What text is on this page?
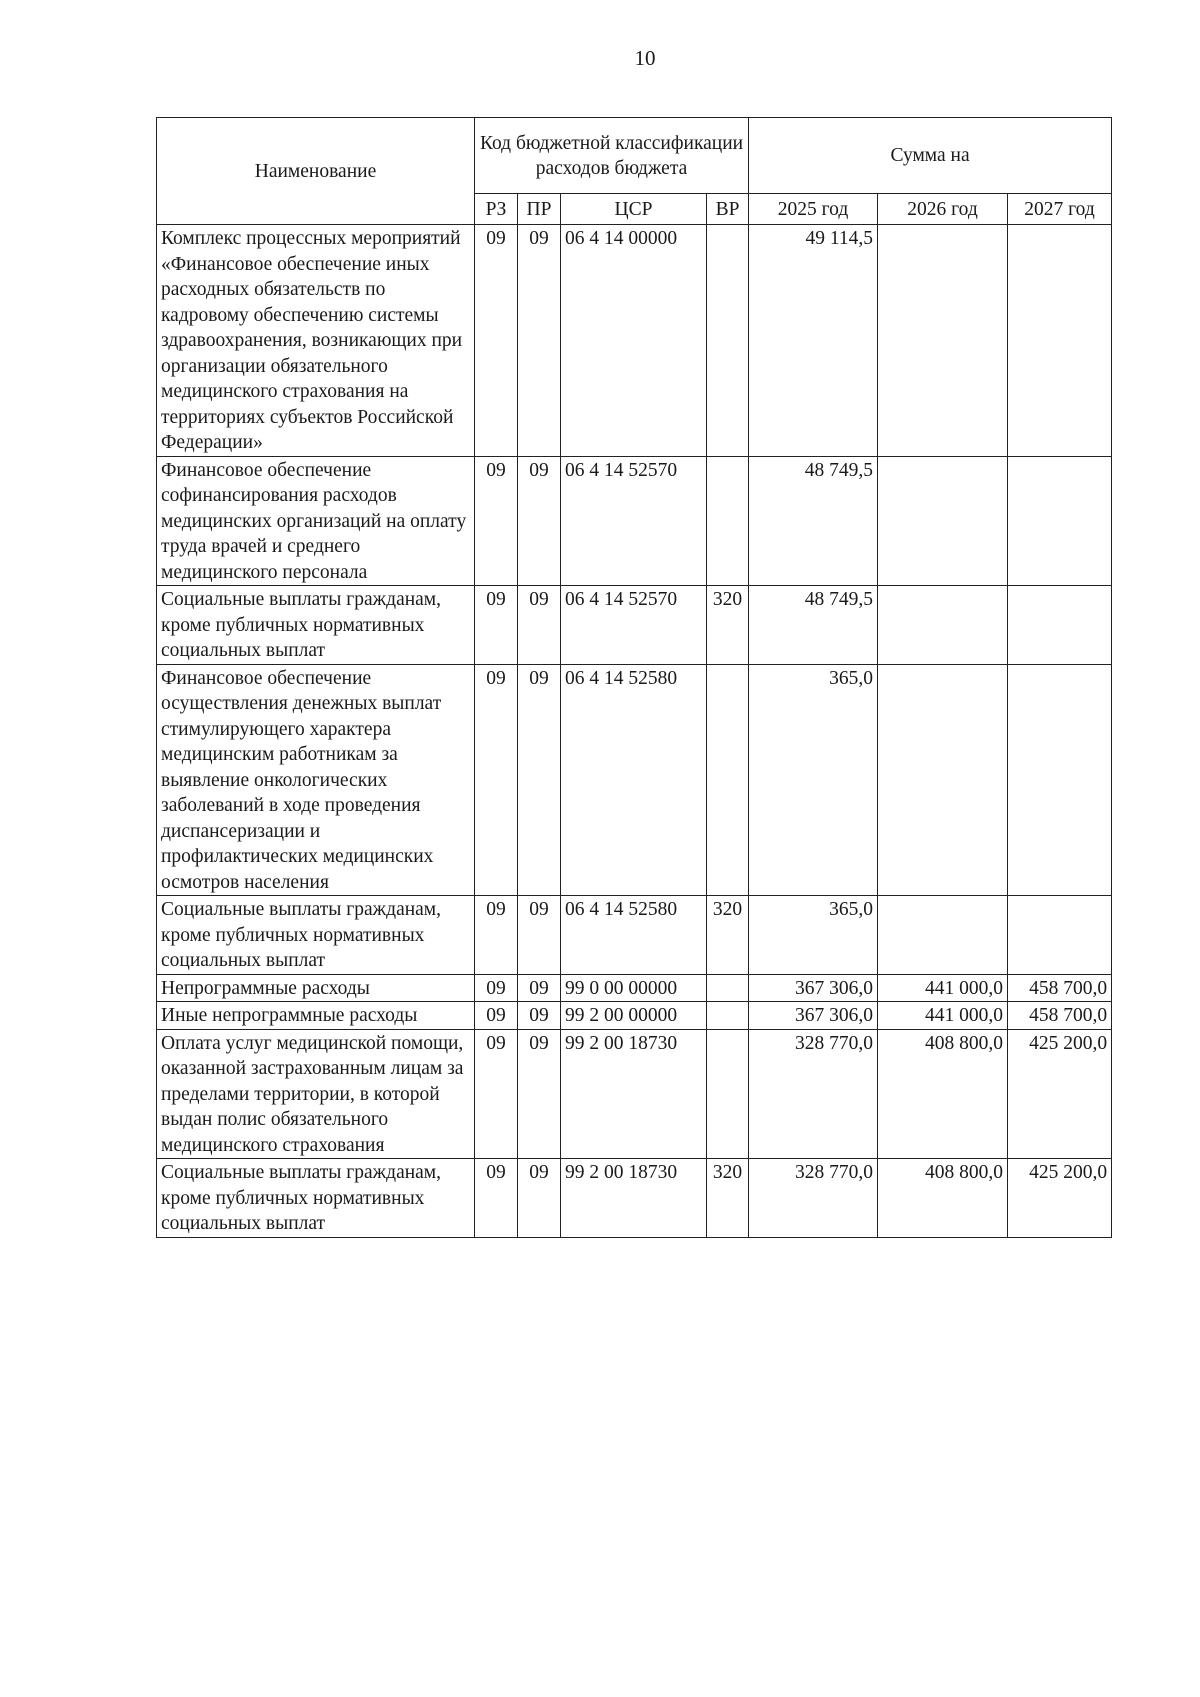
10
Наименование	Код бюджетной классификации расходов бюджета				Сумма на		
	РЗ	ПР	ЦСР	ВР	2025 год	2026 год	2027 год
Комплекс процессных мероприятий «Финансовое обеспечение иных расходных обязательств по кадровому обеспечению системы здравоохранения, возникающих при организации обязательного медицинского страхования на территориях субъектов Российской Федерации»	09	09	06 4 14 00000		49 114,5		
Финансовое обеспечение софинансирования расходов медицинских организаций на оплату труда врачей и среднего медицинского персонала	09	09	06 4 14 52570		48 749,5		
Социальные выплаты гражданам, кроме публичных нормативных социальных выплат	09	09	06 4 14 52570	320	48 749,5		
Финансовое обеспечение осуществления денежных выплат стимулирующего характера медицинским работникам за выявление онкологических заболеваний в ходе проведения диспансеризации и профилактических медицинских осмотров населения	09	09	06 4 14 52580		365,0		
Социальные выплаты гражданам, кроме публичных нормативных социальных выплат	09	09	06 4 14 52580	320	365,0		
Непрограммные расходы	09	09	99 0 00 00000		367 306,0	441 000,0	458 700,0
Иные непрограммные расходы	09	09	99 2 00 00000		367 306,0	441 000,0	458 700,0
Оплата услуг медицинской помощи, оказанной застрахованным лицам за пределами территории, в которой выдан полис обязательного медицинского страхования	09	09	99 2 00 18730		328 770,0	408 800,0	425 200,0
Социальные выплаты гражданам, кроме публичных нормативных социальных выплат	09	09	99 2 00 18730	320	328 770,0	408 800,0	425 200,0
